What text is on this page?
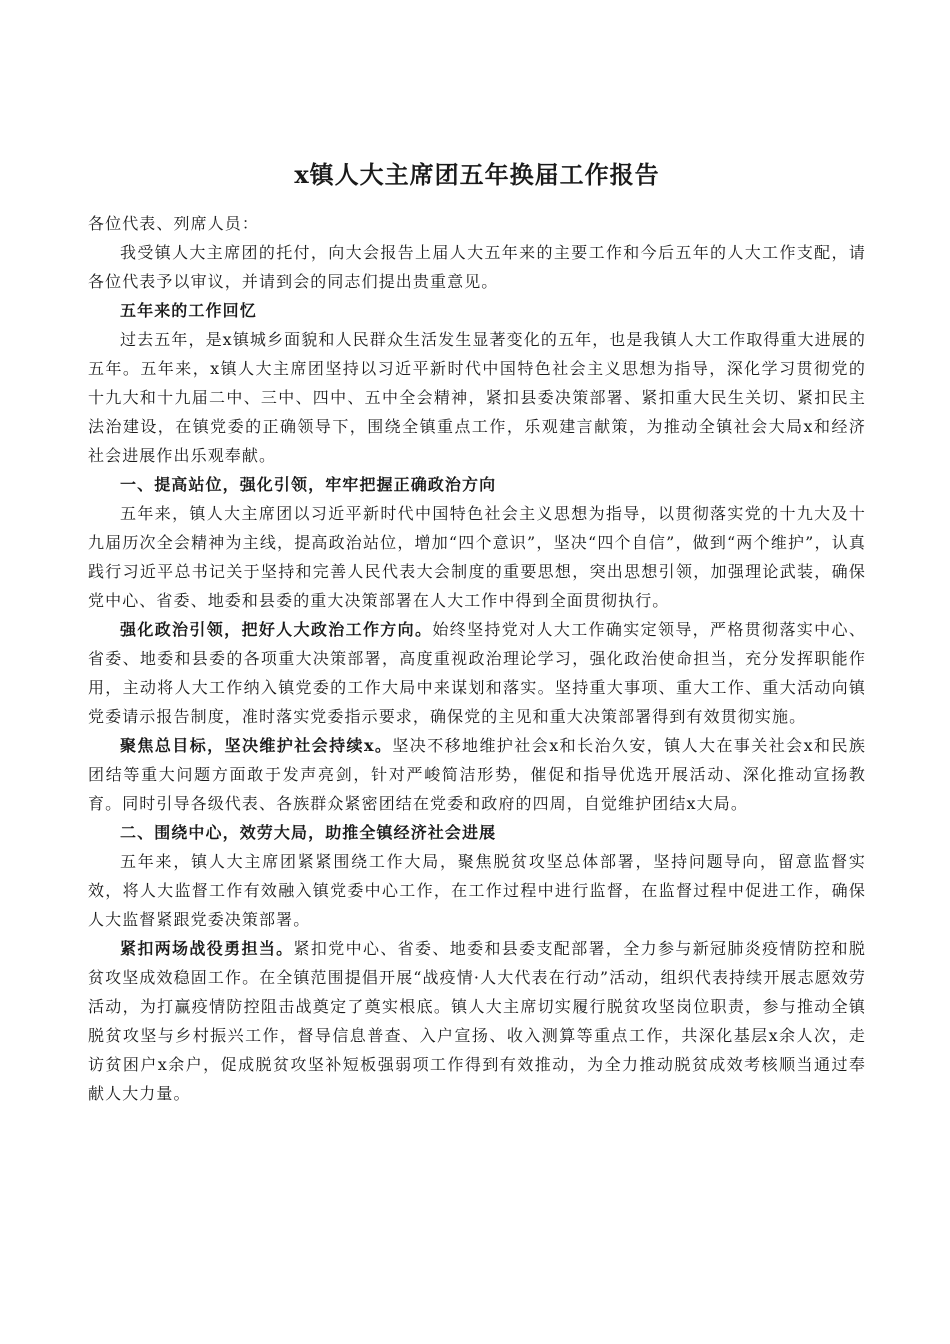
x镇人大主席团五年换届工作报告

各位代表、列席人员：

我受镇人大主席团的托付，向大会报告上届人大五年来的主要工作和今后五年的人大工作支配，请各位代表予以审议，并请到会的同志们提出贵重意见。

五年来的工作回忆

过去五年，是x镇城乡面貌和人民群众生活发生显著变化的五年，也是我镇人大工作取得重大进展的五年。五年来，x镇人大主席团坚持以习近平新时代中国特色社会主义思想为指导，深化学习贯彻党的十九大和十九届二中、三中、四中、五中全会精神，紧扣县委决策部署、紧扣重大民生关切、紧扣民主法治建设，在镇党委的正确领导下，围绕全镇重点工作，乐观建言献策，为推动全镇社会大局x和经济社会进展作出乐观奉献。

一、提高站位，强化引领，牢牢把握正确政治方向

五年来，镇人大主席团以习近平新时代中国特色社会主义思想为指导，以贯彻落实党的十九大及十九届历次全会精神为主线，提高政治站位，增加“四个意识”，坚决“四个自信”，做到“两个维护”，认真践行习近平总书记关于坚持和完善人民代表大会制度的重要思想，突出思想引领，加强理论武装，确保党中心、省委、地委和县委的重大决策部署在人大工作中得到全面贯彻执行。

强化政治引领，把好人大政治工作方向。始终坚持党对人大工作确实定领导，严格贯彻落实中心、省委、地委和县委的各项重大决策部署，高度重视政治理论学习，强化政治使命担当，充分发挥职能作用，主动将人大工作纳入镇党委的工作大局中来谋划和落实。坚持重大事项、重大工作、重大活动向镇党委请示报告制度，准时落实党委指示要求，确保党的主见和重大决策部署得到有效贯彻实施。

聚焦总目标，坚决维护社会持续x。坚决不移地维护社会x和长治久安，镇人大在事关社会x和民族团结等重大问题方面敢于发声亮剑，针对严峻简洁形势，催促和指导优选开展活动、深化推动宣扬教育。同时引导各级代表、各族群众紧密团结在党委和政府的四周，自觉维护团结x大局。

二、围绕中心，效劳大局，助推全镇经济社会进展

五年来，镇人大主席团紧紧围绕工作大局，聚焦脱贫攻坚总体部署，坚持问题导向，留意监督实效，将人大监督工作有效融入镇党委中心工作，在工作过程中进行监督，在监督过程中促进工作，确保人大监督紧跟党委决策部署。

紧扣两场战役勇担当。紧扣党中心、省委、地委和县委支配部署，全力参与新冠肺炎疫情防控和脱贫攻坚成效稳固工作。在全镇范围提倡开展“战疫情·人大代表在行动”活动，组织代表持续开展志愿效劳活动，为打赢疫情防控阻击战奠定了奠实根底。镇人大主席切实履行脱贫攻坚岗位职责，参与推动全镇脱贫攻坚与乡村振兴工作，督导信息普查、入户宣扬、收入测算等重点工作，共深化基层x余人次，走访贫困户x余户，促成脱贫攻坚补短板强弱项工作得到有效推动，为全力推动脱贫成效考核顺当通过奉献人大力量。
